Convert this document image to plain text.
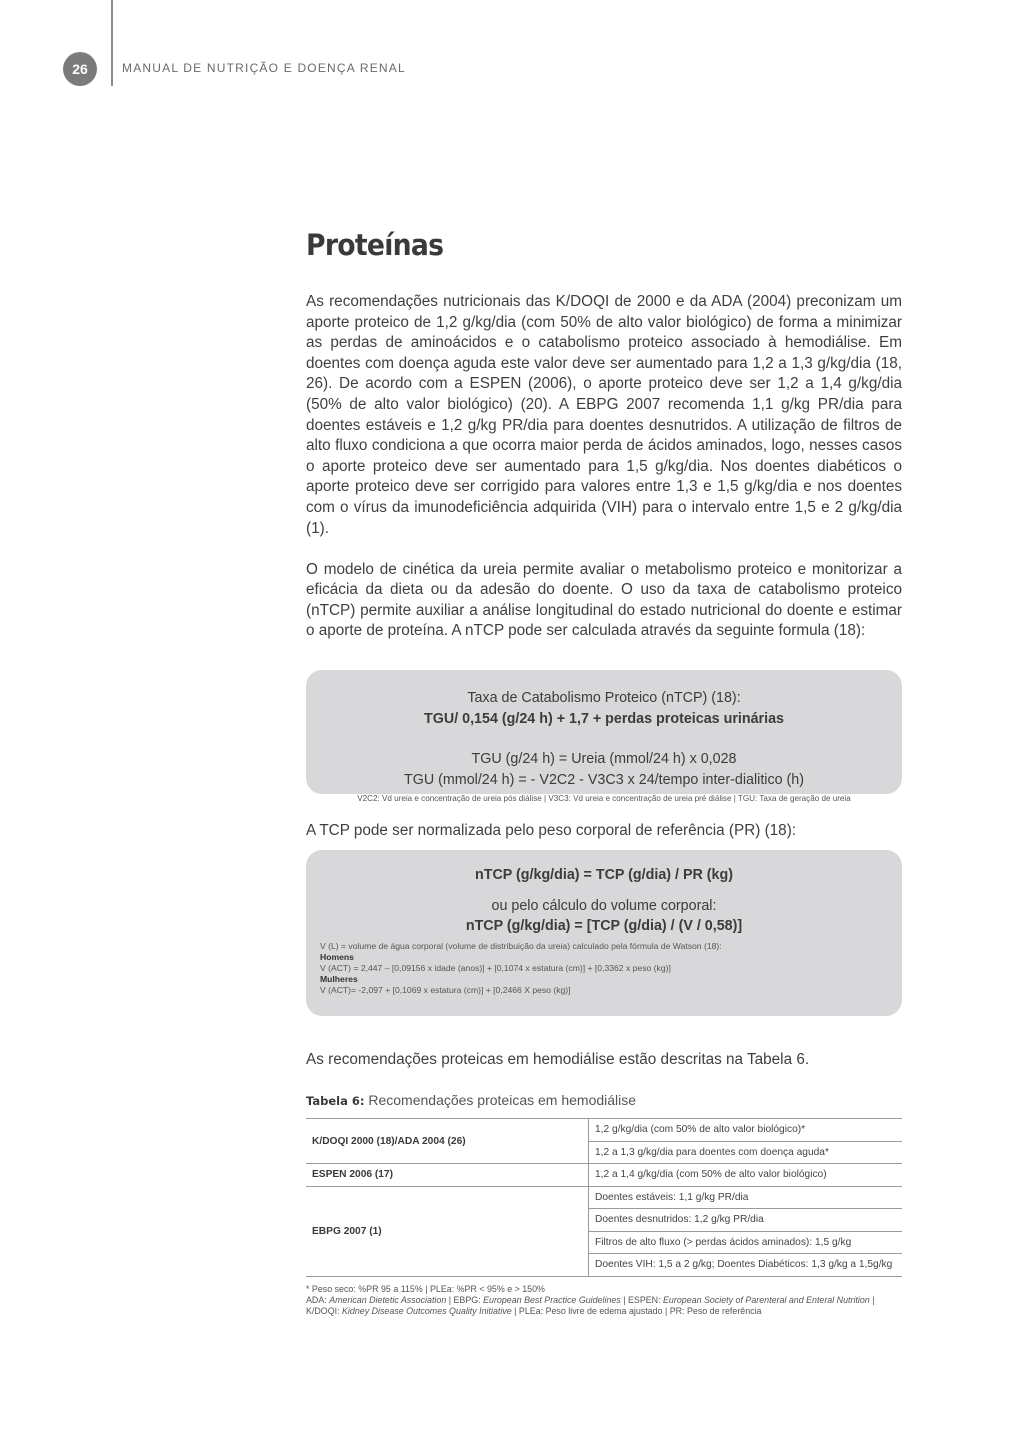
26	MANUAL DE NUTRIÇÃO E DOENÇA RENAL
Proteínas

As recomendações nutricionais das K/DOQI de 2000 e da ADA (2004) preconizam um aporte proteico de 1,2 g/kg/dia (com 50% de alto valor biológico) de forma a minimizar as perdas de aminoácidos e o catabolismo proteico associado à hemodiálise. Em doentes com doença aguda este valor deve ser aumentado para 1,2 a 1,3 g/kg/dia (18, 26). De acordo com a ESPEN (2006), o aporte proteico deve ser 1,2 a 1,4 g/kg/dia (50% de alto valor biológico) (20). A EBPG 2007 recomenda 1,1 g/kg PR/dia para doentes estáveis e 1,2 g/kg PR/dia para doentes desnutridos. A utilização de filtros de alto fluxo condiciona a que ocorra maior perda de ácidos aminados, logo, nesses casos o aporte proteico deve ser aumentado para 1,5 g/kg/dia. Nos doentes diabéticos o aporte proteico deve ser corrigido para valores entre 1,3 e 1,5 g/kg/dia e nos doentes com o vírus da imunodeficiência adquirida (VIH) para o intervalo entre 1,5 e 2 g/kg/dia (1).

O modelo de cinética da ureia permite avaliar o metabolismo proteico e monitorizar a eficácia da dieta ou da adesão do doente. O uso da taxa de catabolismo proteico (nTCP) permite auxiliar a análise longitudinal do estado nutricional do doente e estimar o aporte de proteína. A nTCP pode ser calculada através da seguinte formula (18):

Taxa de Catabolismo Proteico (nTCP) (18):
TGU/ 0,154 (g/24 h) + 1,7 + perdas proteicas urinárias
TGU (g/24 h) = Ureia (mmol/24 h) x 0,028
TGU (mmol/24 h) = - V2C2 - V3C3 x 24/tempo inter-dialitico (h)
V2C2: Vd ureia e concentração de ureia pós diálise | V3C3: Vd ureia e concentração de ureia pré diálise | TGU: Taxa de geração de ureia
A TCP pode ser normalizada pelo peso corporal de referência (PR) (18):
nTCP (g/kg/dia) = TCP (g/dia) / PR (kg)
ou pelo cálculo do volume corporal:
nTCP (g/kg/dia) = [TCP (g/dia) / (V / 0,58)]
V (L) = volume de água corporal (volume de distribuição da ureia) calculado pela fórmula de Watson (18):
Homens
V (ACT) = 2,447 – [0,09156 x idade (anos)] + [0,1074 x estatura (cm)] + [0,3362 x peso (kg)]
Mulheres
V (ACT)= -2,097 + [0,1069 x estatura (cm)] + [0,2466 X peso (kg)]
As recomendações proteicas em hemodiálise estão descritas na Tabela 6.
Tabela 6: Recomendações proteicas em hemodiálise
K/DOQI 2000 (18)/ADA 2004 (26)	1,2 g/kg/dia (com 50% de alto valor biológico)*
	1,2 a 1,3 g/kg/dia para doentes com doença aguda*
ESPEN 2006 (17)	1,2 a 1,4 g/kg/dia (com 50% de alto valor biológico)
EBPG 2007 (1)	Doentes estáveis: 1,1 g/kg PR/dia
	Doentes desnutridos: 1,2 g/kg PR/dia
	Filtros de alto fluxo (> perdas ácidos aminados): 1,5 g/kg
	Doentes VIH: 1,5 a 2 g/kg; Doentes Diabéticos: 1,3 g/kg a 1,5g/kg
* Peso seco: %PR 95 a 115% | PLEa: %PR < 95% e > 150%
ADA: American Dietetic Association | EBPG: European Best Practice Guidelines | ESPEN: European Society of Parenteral and Enteral Nutrition | K/DOQI: Kidney Disease Outcomes Quality Initiative | PLEa: Peso livre de edema ajustado | PR: Peso de referência
